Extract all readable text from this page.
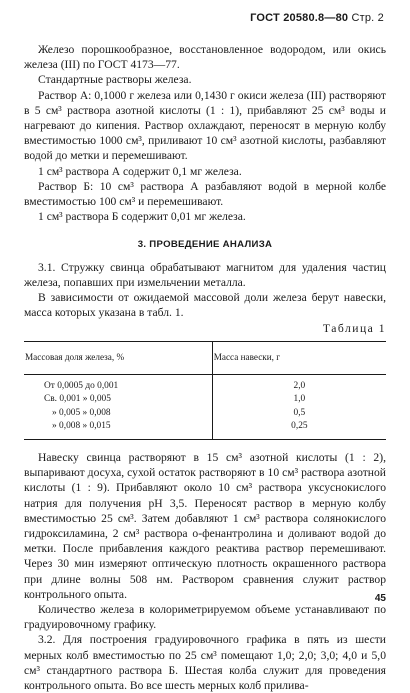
ГОСТ 20580.8—80 Стр. 2

Железо порошкообразное, восстановленное водородом, или окись железа (III) по ГОСТ 4173—77.

Стандартные растворы железа.

Раствор А: 0,1000 г железа или 0,1430 г окиси железа (III) растворяют в 5 см³ раствора азотной кислоты (1 : 1), прибавляют 25 см³ воды и нагревают до кипения. Раствор охлаждают, переносят в мерную колбу вместимостью 1000 см³, приливают 10 см³ азотной кислоты, разбавляют водой до метки и перемешивают.

1 см³ раствора А содержит 0,1 мг железа.

Раствор Б: 10 см³ раствора А разбавляют водой в мерной колбе вместимостью 100 см³ и перемешивают.

1 см³ раствора Б содержит 0,01 мг железа.

3. ПРОВЕДЕНИЕ АНАЛИЗА

3.1. Стружку свинца обрабатывают магнитом для удаления частиц железа, попавших при измельчении металла.

В зависимости от ожидаемой массовой доли железа берут навески, масса которых указана в табл. 1.

Таблица 1

Массовая доля железа, %	Масса навески, г
От 0,0005 до 0,001	2,0
Св. 0,001 » 0,005	1,0
» 0,005 » 0,008	0,5
» 0,008 » 0,015	0,25

Навеску свинца растворяют в 15 см³ азотной кислоты (1 : 2), выпаривают досуха, сухой остаток растворяют в 10 см³ раствора азотной кислоты (1 : 9). Прибавляют около 10 см³ раствора уксуснокислого натрия для получения рН 3,5. Переносят раствор в мерную колбу вместимостью 25 см³. Затем добавляют 1 см³ раствора солянокислого гидроксиламина, 2 см³ раствора о-фенантролина и доливают водой до метки. После прибавления каждого реактива раствор перемешивают. Через 30 мин измеряют оптическую плотность окрашенного раствора при длине волны 508 нм. Раствором сравнения служит раствор контрольного опыта.

Количество железа в колориметрируемом объеме устанавливают по градуировочному графику.

3.2. Для построения градуировочного графика в пять из шести мерных колб вместимостью по 25 см³ помещают 1,0; 2,0; 3,0; 4,0 и 5,0 см³ стандартного раствора Б. Шестая колба служит для проведения контрольного опыта. Во все шесть мерных колб прилива-

45
